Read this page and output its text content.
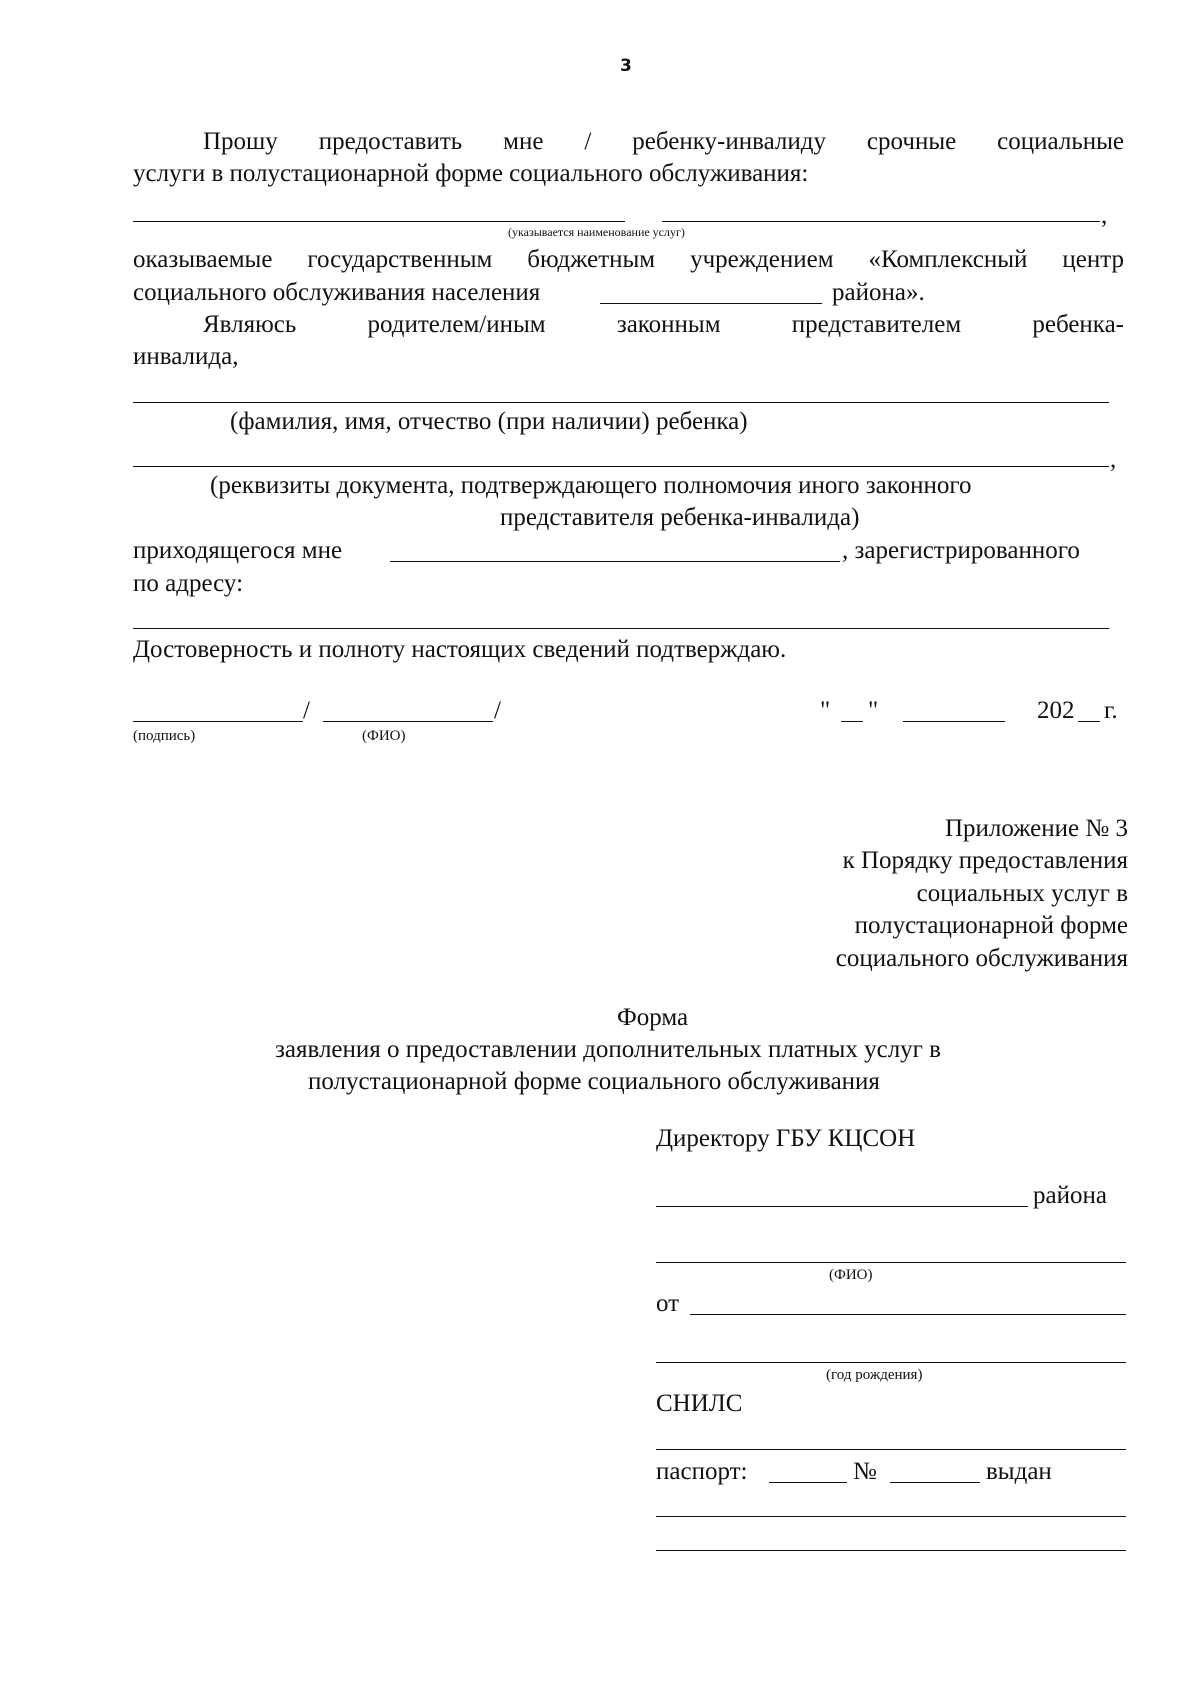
3
Прошу предоставить мне / ребенку-инвалиду срочные социальные
услуги в полустационарной форме социального обслуживания:
,
(указывается наименование услуг)
оказываемые государственным бюджетным учреждением «Комплексный центр
социального обслуживания населения	района».
Являюсь родителем/иным законным представителем ребенка-
инвалида,
(фамилия, имя, отчество (при наличии) ребенка)
,
(реквизиты документа, подтверждающего полномочия иного законного
представителя ребенка-инвалида)
приходящегося мне	, зарегистрированного
по адресу:
Достоверность и полноту настоящих сведений подтверждаю.
/	/
(подпись)	(ФИО)
" "	202 г.
Приложение № 3
к Порядку предоставления
социальных услуг в
полустационарной форме
социального обслуживания
Форма
заявления о предоставлении дополнительных платных услуг в
полустационарной форме социального обслуживания
Директору ГБУ КЦСОН
района
(ФИО)
от
(год рождения)
СНИЛС
паспорт:	№	выдан
